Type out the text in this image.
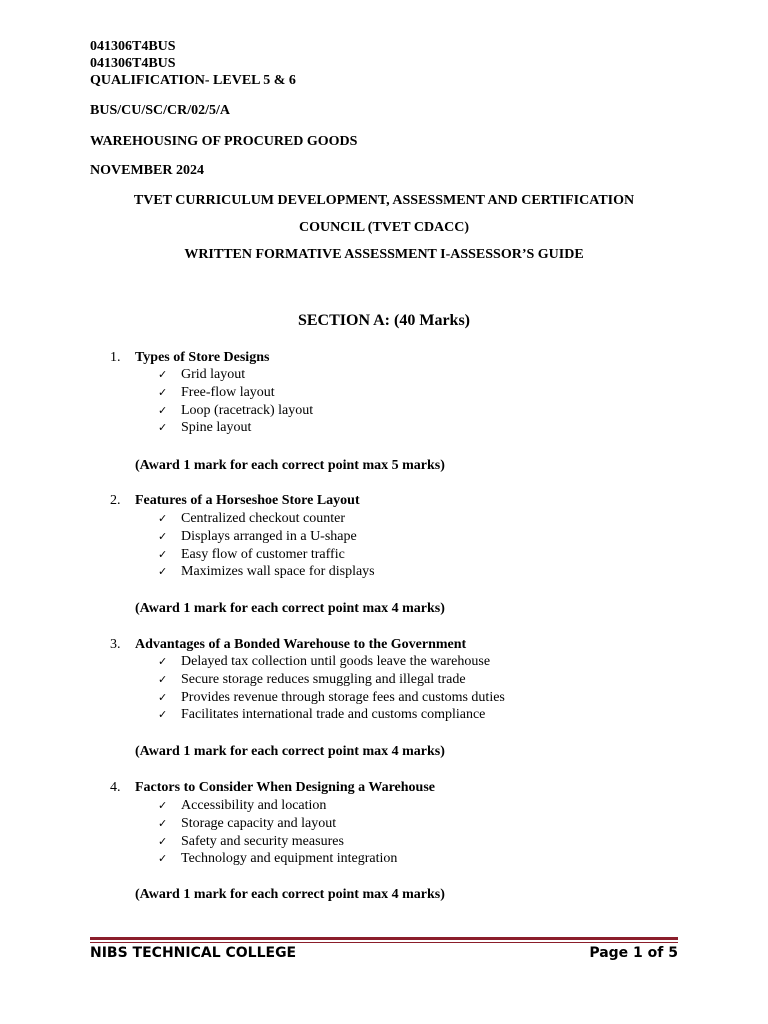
041306T4BUS

041306T4BUS

QUALIFICATION- LEVEL 5 & 6

BUS/CU/SC/CR/02/5/A

WAREHOUSING OF PROCURED GOODS

NOVEMBER 2024

TVET CURRICULUM DEVELOPMENT, ASSESSMENT AND CERTIFICATION

COUNCIL (TVET CDACC)

WRITTEN FORMATIVE ASSESSMENT I-ASSESSOR’S GUIDE

SECTION A: (40 Marks)

1. Types of Store Designs
✓ Grid layout
✓ Free-flow layout
✓ Loop (racetrack) layout
✓ Spine layout
(Award 1 mark for each correct point max 5 marks)
2. Features of a Horseshoe Store Layout
✓ Centralized checkout counter
✓ Displays arranged in a U-shape
✓ Easy flow of customer traffic
✓ Maximizes wall space for displays
(Award 1 mark for each correct point max 4 marks)
3. Advantages of a Bonded Warehouse to the Government
✓ Delayed tax collection until goods leave the warehouse
✓ Secure storage reduces smuggling and illegal trade
✓ Provides revenue through storage fees and customs duties
✓ Facilitates international trade and customs compliance
(Award 1 mark for each correct point max 4 marks)
4. Factors to Consider When Designing a Warehouse
✓ Accessibility and location
✓ Storage capacity and layout
✓ Safety and security measures
✓ Technology and equipment integration
(Award 1 mark for each correct point max 4 marks)
NIBS TECHNICAL COLLEGE	Page 1 of 5
